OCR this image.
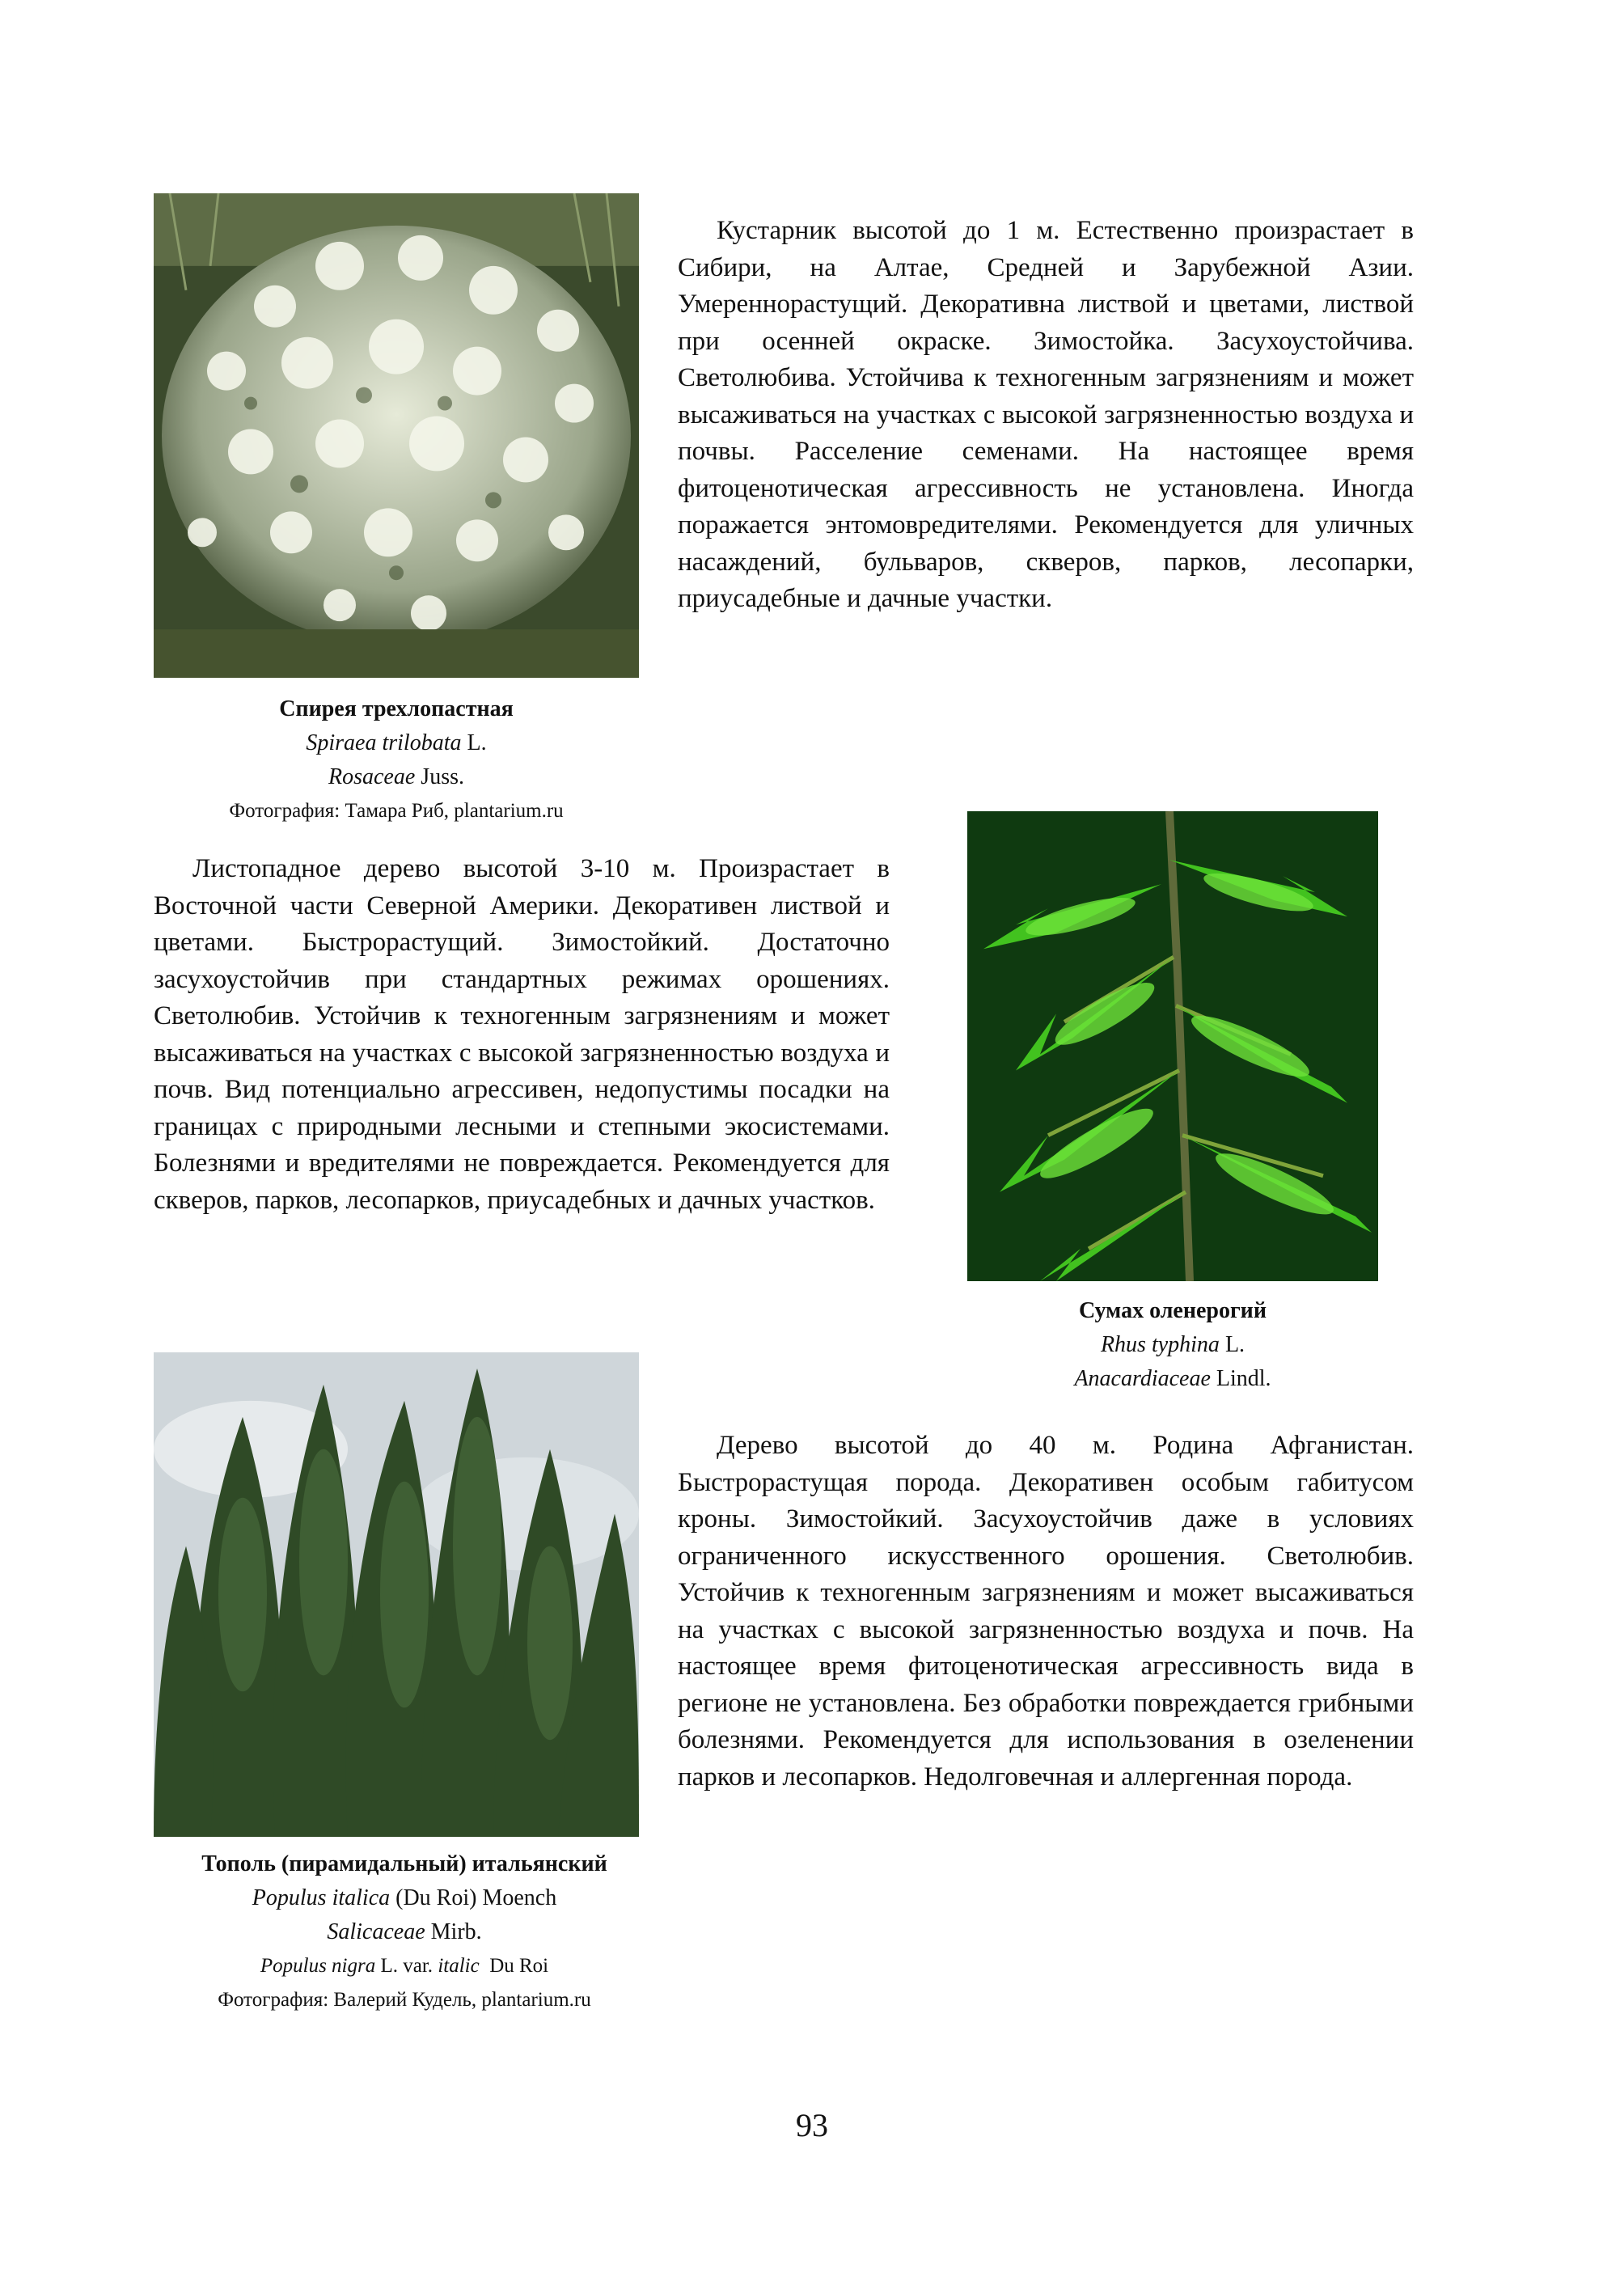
Кустарник высотой до 1 м. Естественно произрастает в Сибири, на Алтае, Средней и Зарубежной Азии. Умереннорастущий. Декоративна листвой и цветами, листвой при осенней окраске. Зимостойка. Засухоустойчива. Светолюбива. Устойчива к техногенным загрязнениям и может высаживаться на участках с высокой загрязненностью воздуха и почвы. Расселение семенами. На настоящее время фитоценотическая агрессивность не установлена. Иногда поражается энтомовредителями. Рекомендуется для уличных насаждений, бульваров, скверов, парков, лесопарки, приусадебные и дачные участки.

Спирея трехлопастная
Spiraea trilobata L.
Rosaceae Juss.
Фотография: Тамара Риб, plantarium.ru

Листопадное дерево высотой 3-10 м. Произрастает в Восточной части Северной Америки. Декоративен листвой и цветами. Быстрорастущий. Зимостойкий. Достаточно засухоустойчив при стандартных режимах орошениях. Светолюбив. Устойчив к техногенным загрязнениям и может высаживаться на участках с высокой загрязненностью воздуха и почв. Вид потенциально агрессивен, недопустимы посадки на границах с природными лесными и степными экосистемами. Болезнями и вредителями не повреждается. Рекомендуется для скверов, парков, лесопарков, приусадебных и дачных участков.

Сумах оленерогий
Rhus typhina L.
Anacardiaceae Lindl.

Дерево высотой до 40 м. Родина Афганистан. Быстрорастущая порода. Декоративен особым габитусом кроны. Зимостойкий. Засухоустойчив даже в условиях ограниченного искусственного орошения. Светолюбив. Устойчив к техногенным загрязнениям и может высаживаться на участках с высокой загрязненностью воздуха и почв. На настоящее время фитоценотическая агрессивность вида в регионе не установлена. Без обработки повреждается грибными болезнями. Рекомендуется для использования в озеленении парков и лесопарков. Недолговечная и аллергенная порода.

Тополь (пирамидальный) итальянский
Populus italica (Du Roi) Moench
Salicaceae Mirb.
Populus nigra L. var. italic  Du Roi
Фотография: Валерий Кудель, plantarium.ru
93
